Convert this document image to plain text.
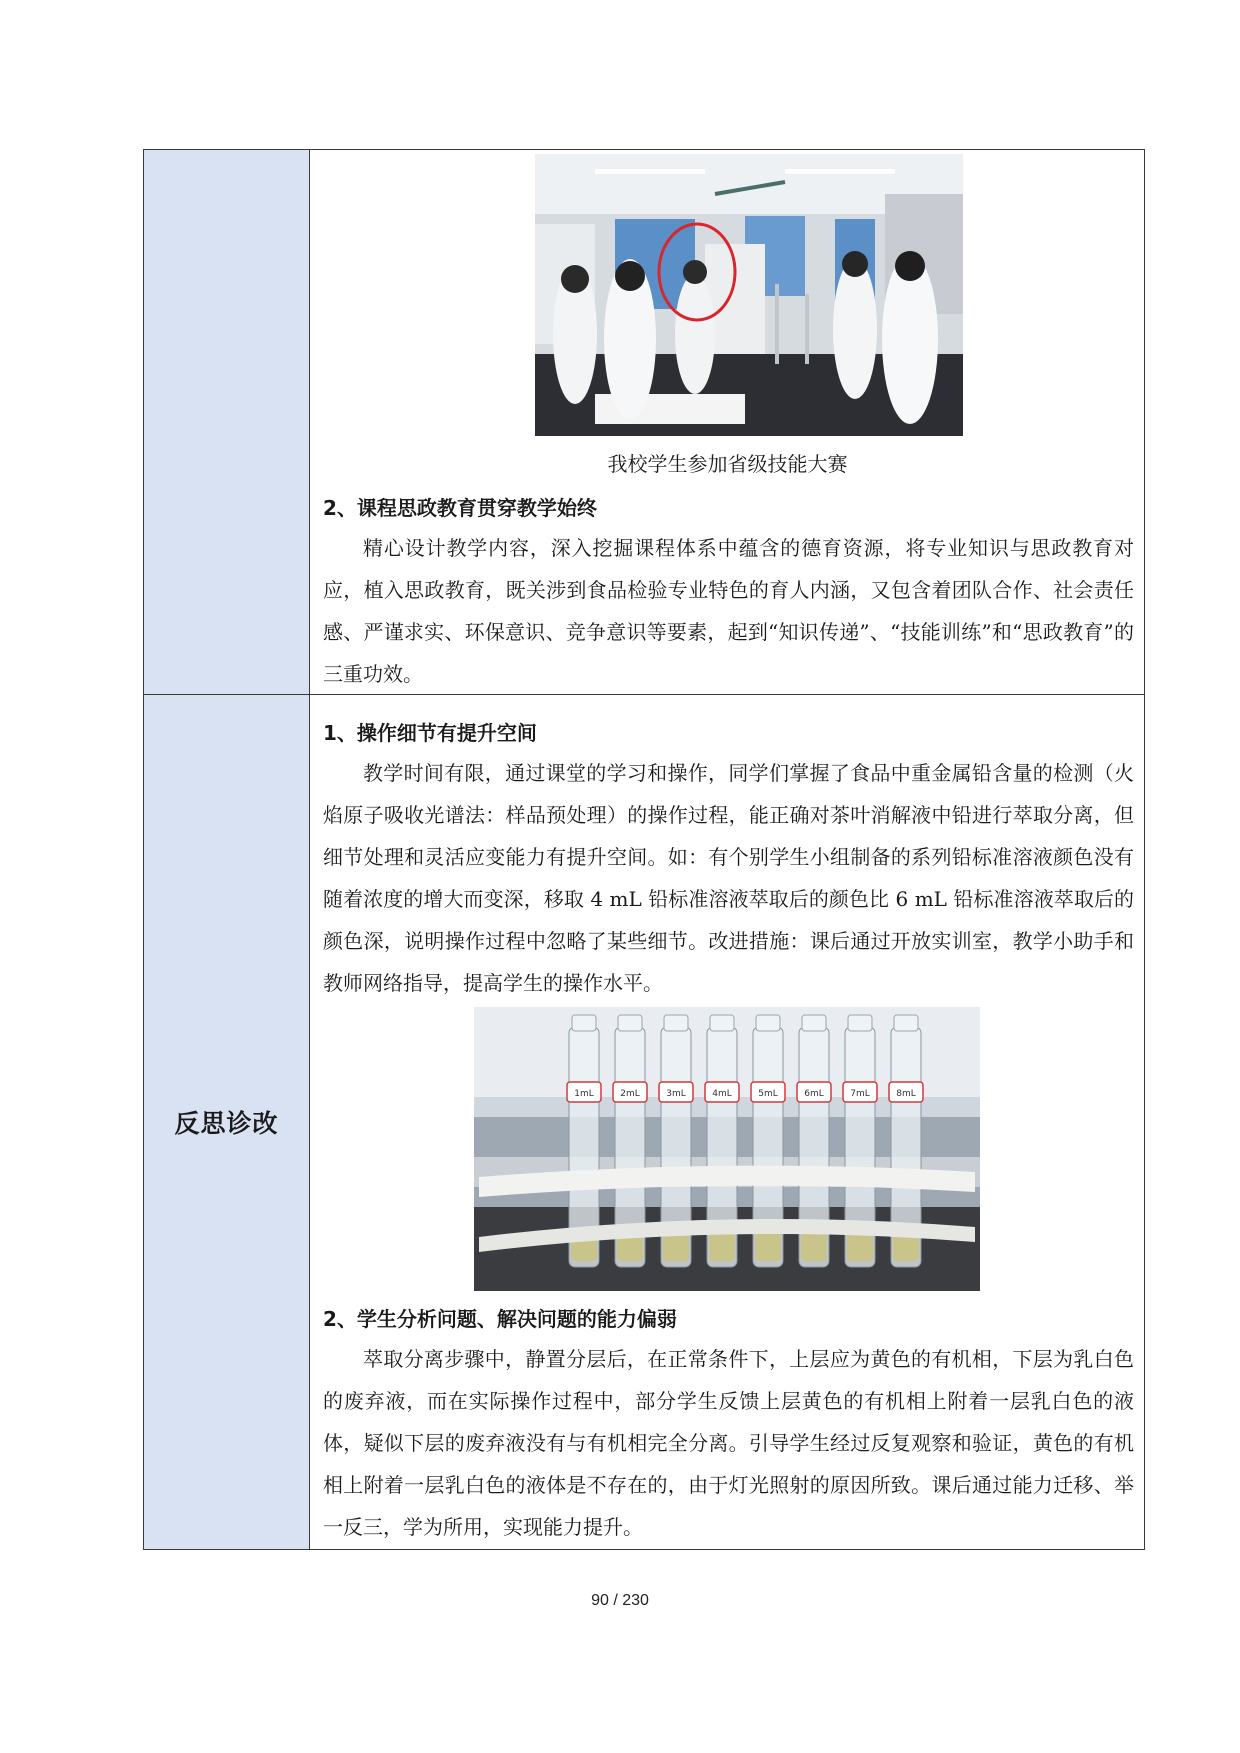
我校学生参加省级技能大赛
2、课程思政教育贯穿教学始终

精心设计教学内容，深入挖掘课程体系中蕴含的德育资源，将专业知识与思政教育对应，植入思政教育，既关涉到食品检验专业特色的育人内涵，又包含着团队合作、社会责任感、严谨求实、环保意识、竞争意识等要素，起到“知识传递”、“技能训练”和“思政教育”的三重功效。

反思诊改
1、操作细节有提升空间

教学时间有限，通过课堂的学习和操作，同学们掌握了食品中重金属铅含量的检测（火焰原子吸收光谱法：样品预处理）的操作过程，能正确对茶叶消解液中铅进行萃取分离，但细节处理和灵活应变能力有提升空间。如：有个别学生小组制备的系列铅标准溶液颜色没有随着浓度的增大而变深，移取 4 mL 铅标准溶液萃取后的颜色比 6 mL 铅标准溶液萃取后的颜色深，说明操作过程中忽略了某些细节。改进措施：课后通过开放实训室，教学小助手和教师网络指导，提高学生的操作水平。

1mL	2mL	3mL	4mL	5mL	6mL	7mL	8mL
2、学生分析问题、解决问题的能力偏弱

萃取分离步骤中，静置分层后，在正常条件下，上层应为黄色的有机相，下层为乳白色的废弃液，而在实际操作过程中，部分学生反馈上层黄色的有机相上附着一层乳白色的液体，疑似下层的废弃液没有与有机相完全分离。引导学生经过反复观察和验证，黄色的有机相上附着一层乳白色的液体是不存在的，由于灯光照射的原因所致。课后通过能力迁移、举一反三，学为所用，实现能力提升。

90 / 230
